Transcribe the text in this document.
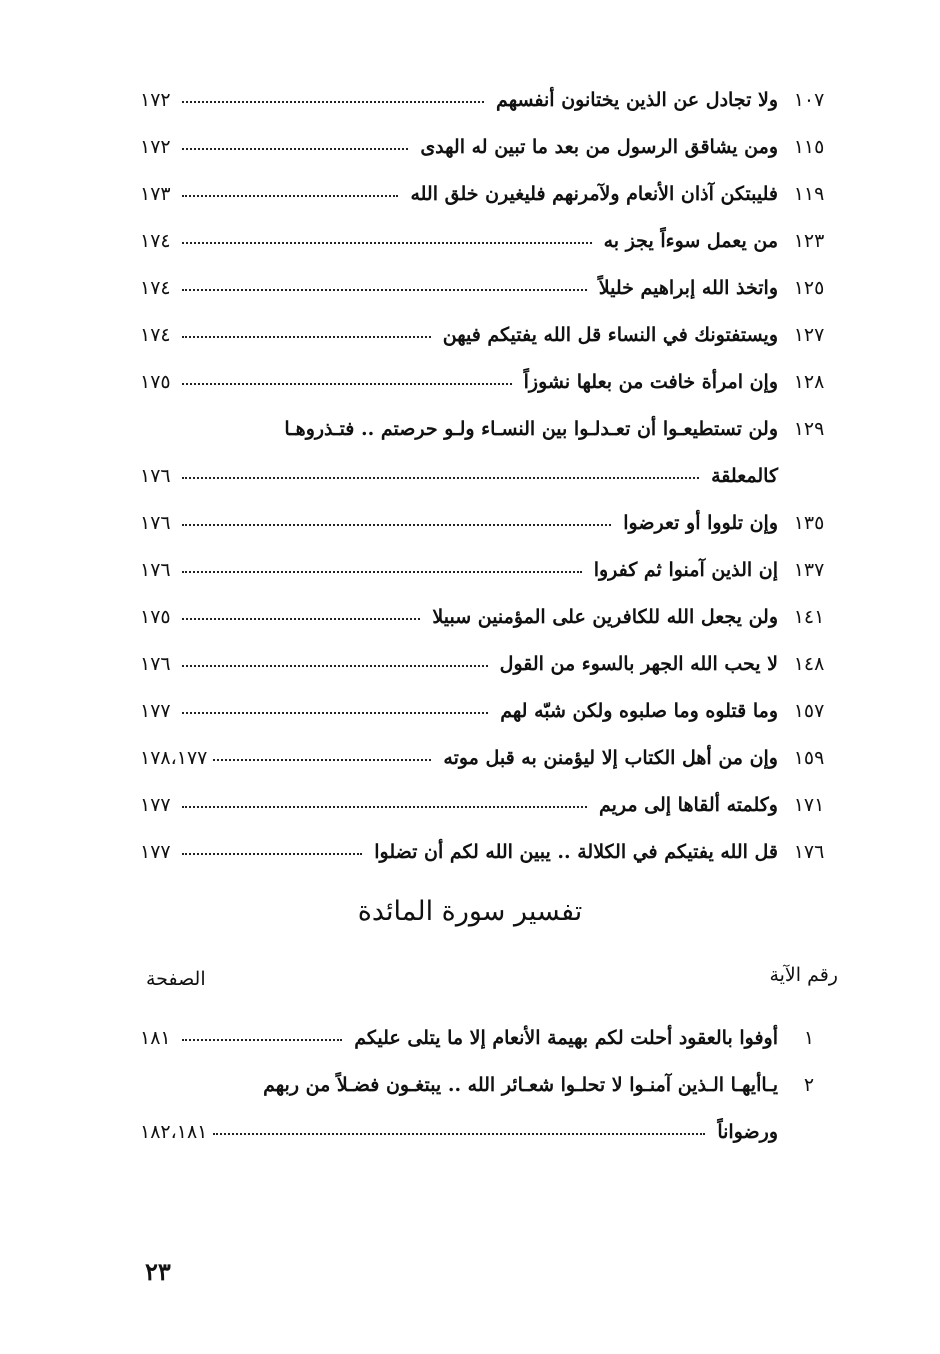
١٠٧
ولا تجادل عن الذين يختانون أنفسهم
١٧٢
١١٥
ومن يشاقق الرسول من بعد ما تبين له الهدى
١٧٢
١١٩
فليبتكن آذان الأنعام ولآمرنهم فليغيرن خلق الله
١٧٣
١٢٣
من يعمل سوءاً يجز به
١٧٤
١٢٥
واتخذ الله إبراهيم خليلاً
١٧٤
١٢٧
ويستفتونك في النساء قل الله يفتيكم فيهن
١٧٤
١٢٨
وإن امرأة خافت من بعلها نشوزاً
١٧٥
١٢٩
ولن تستطيعـوا أن تعـدلـوا بين النسـاء ولـو حرصتم .. فتـذروهـا
كالمعلقة
١٧٦
١٣٥
وإن تلووا أو تعرضوا
١٧٦
١٣٧
إن الذين آمنوا ثم كفروا
١٧٦
١٤١
ولن يجعل الله للكافرين على المؤمنين سبيلا
١٧٥
١٤٨
لا يحب الله الجهر بالسوء من القول
١٧٦
١٥٧
وما قتلوه وما صلبوه ولكن شبّه لهم
١٧٧
١٥٩
وإن من أهل الكتاب إلا ليؤمنن به قبل موته
١٧٨،١٧٧
١٧١
وكلمته ألقاها إلى مريم
١٧٧
١٧٦
قل الله يفتيكم في الكلالة .. يبين الله لكم أن تضلوا
١٧٧
تفسير سورة المائدة
رقم الآية
الصفحة
١
أوفوا بالعقود أحلت لكم بهيمة الأنعام إلا ما يتلى عليكم
١٨١
٢
يـاأيهـا الـذين آمنـوا لا تحلـوا شعـائر الله .. يبتغـون فضـلاً من ربهم
ورضواناً
١٨٢،١٨١
٢٣
